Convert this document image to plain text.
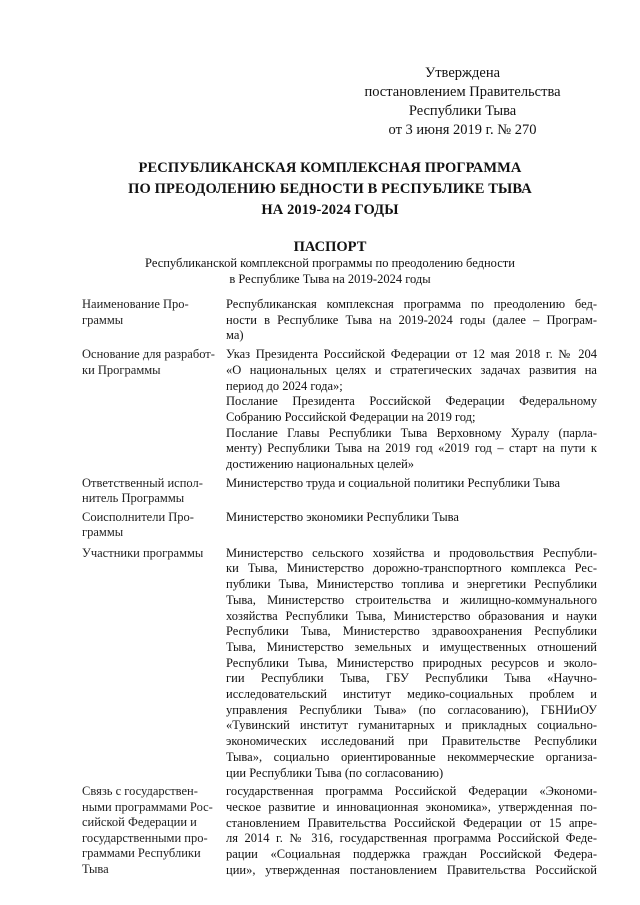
Утверждена
постановлением Правительства
Республики Тыва
от 3 июня 2019 г. № 270
РЕСПУБЛИКАНСКАЯ КОМПЛЕКСНАЯ ПРОГРАММА
ПО ПРЕОДОЛЕНИЮ БЕДНОСТИ В РЕСПУБЛИКЕ ТЫВА
НА 2019-2024 ГОДЫ
ПАСПОРТ
Республиканской комплексной программы по преодолению бедности
в Республике Тыва на 2019-2024 годы
Наименование Про-
граммы
Республиканская комплексная программа по преодолению бед-
ности в Республике Тыва на 2019-2024 годы (далее – Програм-
ма)
Основание для разработ-
ки Программы
Указ Президента Российской Федерации от 12 мая 2018 г. № 204
«О национальных целях и стратегических задачах развития на
период до 2024 года»;
Послание Президента Российской Федерации Федеральному
Собранию Российской Федерации на 2019 год;
Послание Главы Республики Тыва Верховному Хуралу (парла-
менту) Республики Тыва на 2019 год «2019 год – старт на пути к
достижению национальных целей»
Ответственный испол-
нитель Программы
Министерство труда и социальной политики Республики Тыва
Соисполнители Про-
граммы
Министерство экономики Республики Тыва
Участники программы	Министерство сельского хозяйства и продовольствия Республи-
ки Тыва, Министерство дорожно-транспортного комплекса Рес-
публики Тыва, Министерство топлива и энергетики Республики
Тыва, Министерство строительства и жилищно-коммунального
хозяйства Республики Тыва, Министерство образования и науки
Республики Тыва, Министерство здравоохранения Республики
Тыва, Министерство земельных и имущественных отношений
Республики Тыва, Министерство природных ресурсов и эколо-
гии Республики Тыва, ГБУ Республики Тыва «Научно-
исследовательский институт медико-социальных проблем и
управления Республики Тыва» (по согласованию), ГБНИиОУ
«Тувинский институт гуманитарных и прикладных социально-
экономических исследований при Правительстве Республики
Тыва», социально ориентированные некоммерческие организа-
ции Республики Тыва (по согласованию)
Связь с государствен-
ными программами Рос-
сийской Федерации и
государственными про-
граммами Республики
Тыва
государственная программа Российской Федерации «Экономи-
ческое развитие и инновационная экономика», утвержденная по-
становлением Правительства Российской Федерации от 15 апре-
ля 2014 г. № 316, государственная программа Российской Феде-
рации «Социальная поддержка граждан Российской Федера-
ции», утвержденная постановлением Правительства Российской
